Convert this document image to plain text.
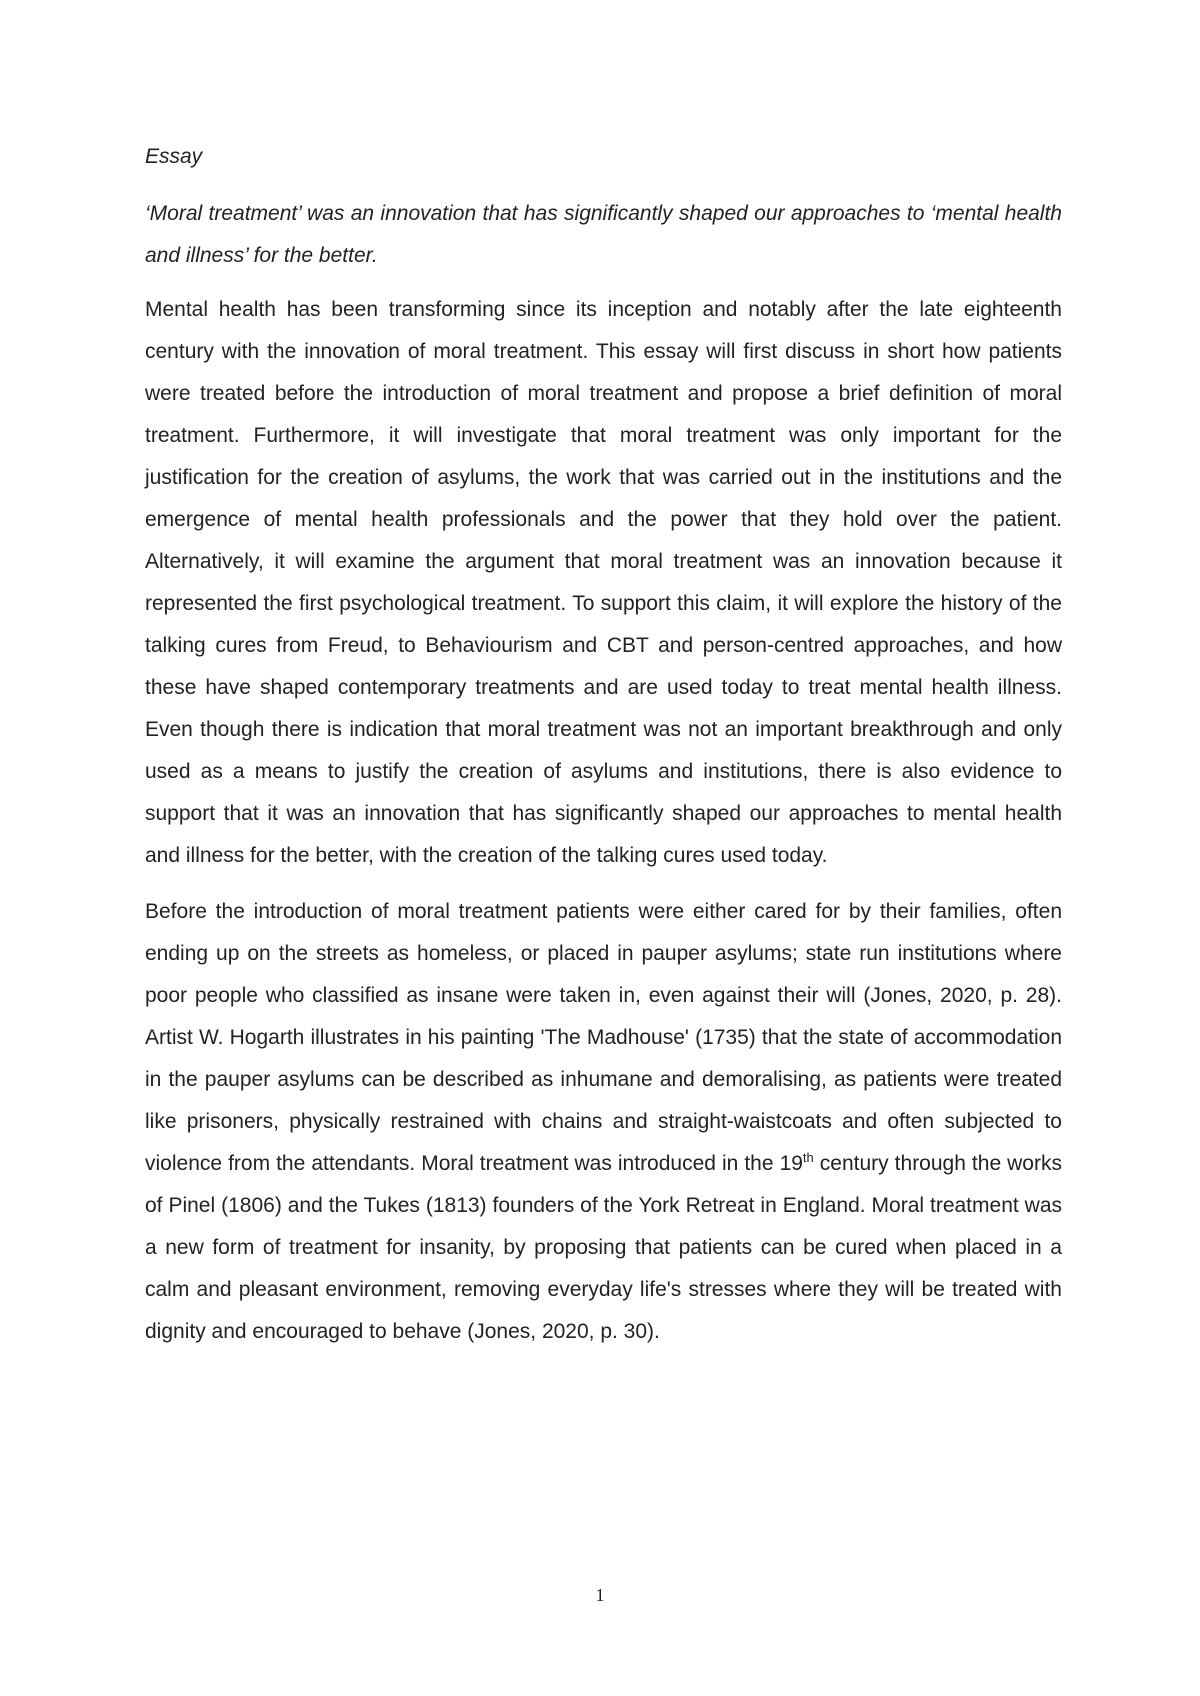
Essay

‘Moral treatment’ was an innovation that has significantly shaped our approaches to ‘mental health and illness’ for the better.

Mental health has been transforming since its inception and notably after the late eighteenth century with the innovation of moral treatment. This essay will first discuss in short how patients were treated before the introduction of moral treatment and propose a brief definition of moral treatment. Furthermore, it will investigate that moral treatment was only important for the justification for the creation of asylums, the work that was carried out in the institutions and the emergence of mental health professionals and the power that they hold over the patient. Alternatively, it will examine the argument that moral treatment was an innovation because it represented the first psychological treatment. To support this claim, it will explore the history of the talking cures from Freud, to Behaviourism and CBT and person-centred approaches, and how these have shaped contemporary treatments and are used today to treat mental health illness. Even though there is indication that moral treatment was not an important breakthrough and only used as a means to justify the creation of asylums and institutions, there is also evidence to support that it was an innovation that has significantly shaped our approaches to mental health and illness for the better, with the creation of the talking cures used today.

Before the introduction of moral treatment patients were either cared for by their families, often ending up on the streets as homeless, or placed in pauper asylums; state run institutions where poor people who classified as insane were taken in, even against their will (Jones, 2020, p. 28). Artist W. Hogarth illustrates in his painting 'The Madhouse' (1735) that the state of accommodation in the pauper asylums can be described as inhumane and demoralising, as patients were treated like prisoners, physically restrained with chains and straight-waistcoats and often subjected to violence from the attendants. Moral treatment was introduced in the 19th century through the works of Pinel (1806) and the Tukes (1813) founders of the York Retreat in England. Moral treatment was a new form of treatment for insanity, by proposing that patients can be cured when placed in a calm and pleasant environment, removing everyday life's stresses where they will be treated with dignity and encouraged to behave (Jones, 2020, p. 30).

1
